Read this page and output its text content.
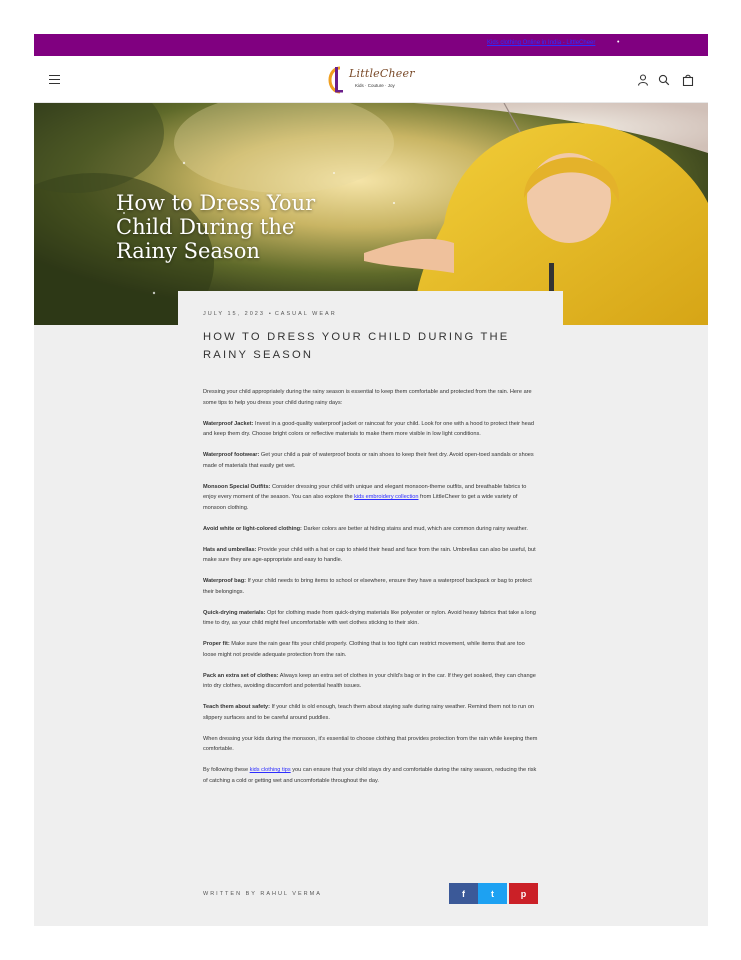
Kids clothing Online in India - LittleCheer	•
LittleCheer
Kids · Couture · Joy
How to Dress Your Child During the Rainy Season
JULY 15, 2023 • CASUAL WEAR
HOW TO DRESS YOUR CHILD DURING THE RAINY SEASON

Dressing your child appropriately during the rainy season is essential to keep them comfortable and protected from the rain. Here are some tips to help you dress your child during rainy days:

Waterproof Jacket: Invest in a good-quality waterproof jacket or raincoat for your child. Look for one with a hood to protect their head and keep them dry. Choose bright colors or reflective materials to make them more visible in low light conditions.

Waterproof footwear: Get your child a pair of waterproof boots or rain shoes to keep their feet dry. Avoid open-toed sandals or shoes made of materials that easily get wet.

Monsoon Special Outfits: Consider dressing your child with unique and elegant monsoon-theme outfits, and breathable fabrics to enjoy every moment of the season. You can also explore the kids embroidery collection from LittleCheer to get a wide variety of monsoon clothing.

Avoid white or light-colored clothing: Darker colors are better at hiding stains and mud, which are common during rainy weather.

Hats and umbrellas: Provide your child with a hat or cap to shield their head and face from the rain. Umbrellas can also be useful, but make sure they are age-appropriate and easy to handle.

Waterproof bag: If your child needs to bring items to school or elsewhere, ensure they have a waterproof backpack or bag to protect their belongings.

Quick-drying materials: Opt for clothing made from quick-drying materials like polyester or nylon. Avoid heavy fabrics that take a long time to dry, as your child might feel uncomfortable with wet clothes sticking to their skin.

Proper fit: Make sure the rain gear fits your child properly. Clothing that is too tight can restrict movement, while items that are too loose might not provide adequate protection from the rain.

Pack an extra set of clothes: Always keep an extra set of clothes in your child's bag or in the car. If they get soaked, they can change into dry clothes, avoiding discomfort and potential health issues.

Teach them about safety: If your child is old enough, teach them about staying safe during rainy weather. Remind them not to run on slippery surfaces and to be careful around puddles.

When dressing your kids during the monsoon, it's essential to choose clothing that provides protection from the rain while keeping them comfortable.

By following these kids clothing tips you can ensure that your child stays dry and comfortable during the rainy season, reducing the risk of catching a cold or getting wet and uncomfortable throughout the day.

WRITTEN BY RAHUL VERMA	f	t	p
